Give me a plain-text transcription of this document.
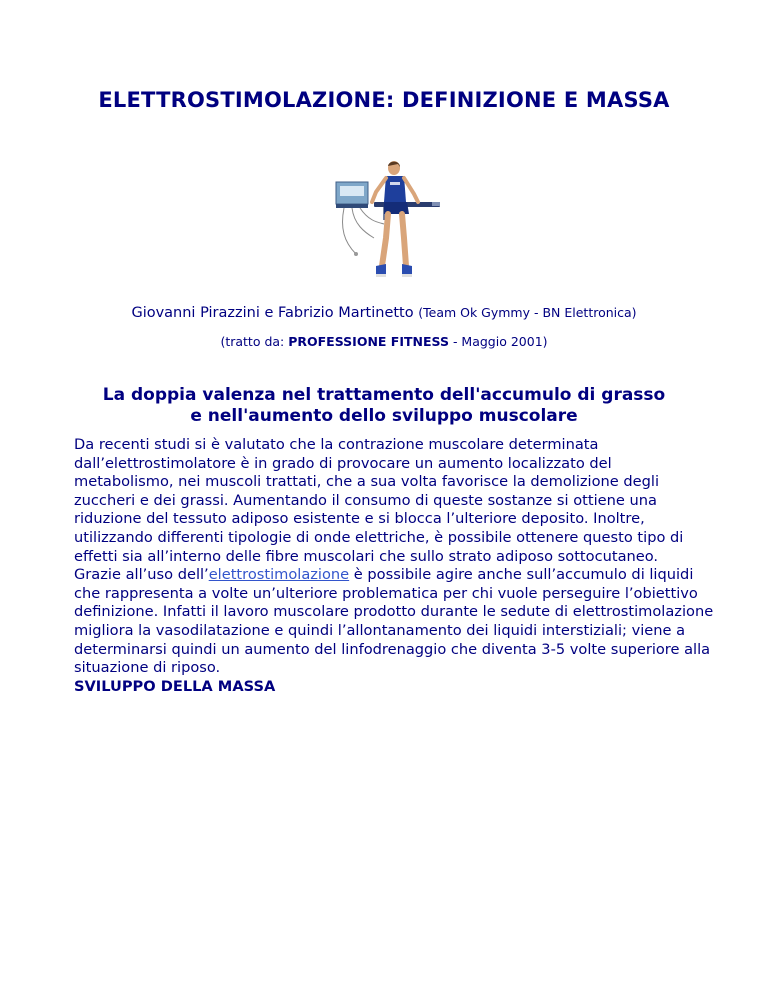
ELETTROSTIMOLAZIONE: DEFINIZIONE E MASSA
Giovanni Pirazzini e Fabrizio Martinetto (Team Ok Gymmy - BN Elettronica)
(tratto da: PROFESSIONE FITNESS - Maggio 2001)
La doppia valenza nel trattamento dell'accumulo di grasso e nell'aumento dello sviluppo muscolare

Da recenti studi si è valutato che la contrazione muscolare determinata dall’elettrostimolatore è in grado di provocare un aumento localizzato del metabolismo, nei muscoli trattati, che a sua volta favorisce la demolizione degli zuccheri e dei grassi. Aumentando il consumo di queste sostanze si ottiene una riduzione del tessuto adiposo esistente e si blocca l’ulteriore deposito. Inoltre, utilizzando differenti tipologie di onde elettriche, è possibile ottenere questo tipo di effetti sia all’interno delle fibre muscolari che sullo strato adiposo sottocutaneo.

Grazie all’uso dell’elettrostimolazione è possibile agire anche sull’accumulo di liquidi che rappresenta a volte un’ulteriore problematica per chi vuole perseguire l’obiettivo definizione. Infatti il lavoro muscolare prodotto durante le sedute di elettrostimolazione migliora la vasodilatazione e quindi l’allontanamento dei liquidi interstiziali; viene a determinarsi quindi un aumento del linfodrenaggio che diventa 3-5 volte superiore alla situazione di riposo.

SVILUPPO DELLA MASSA
